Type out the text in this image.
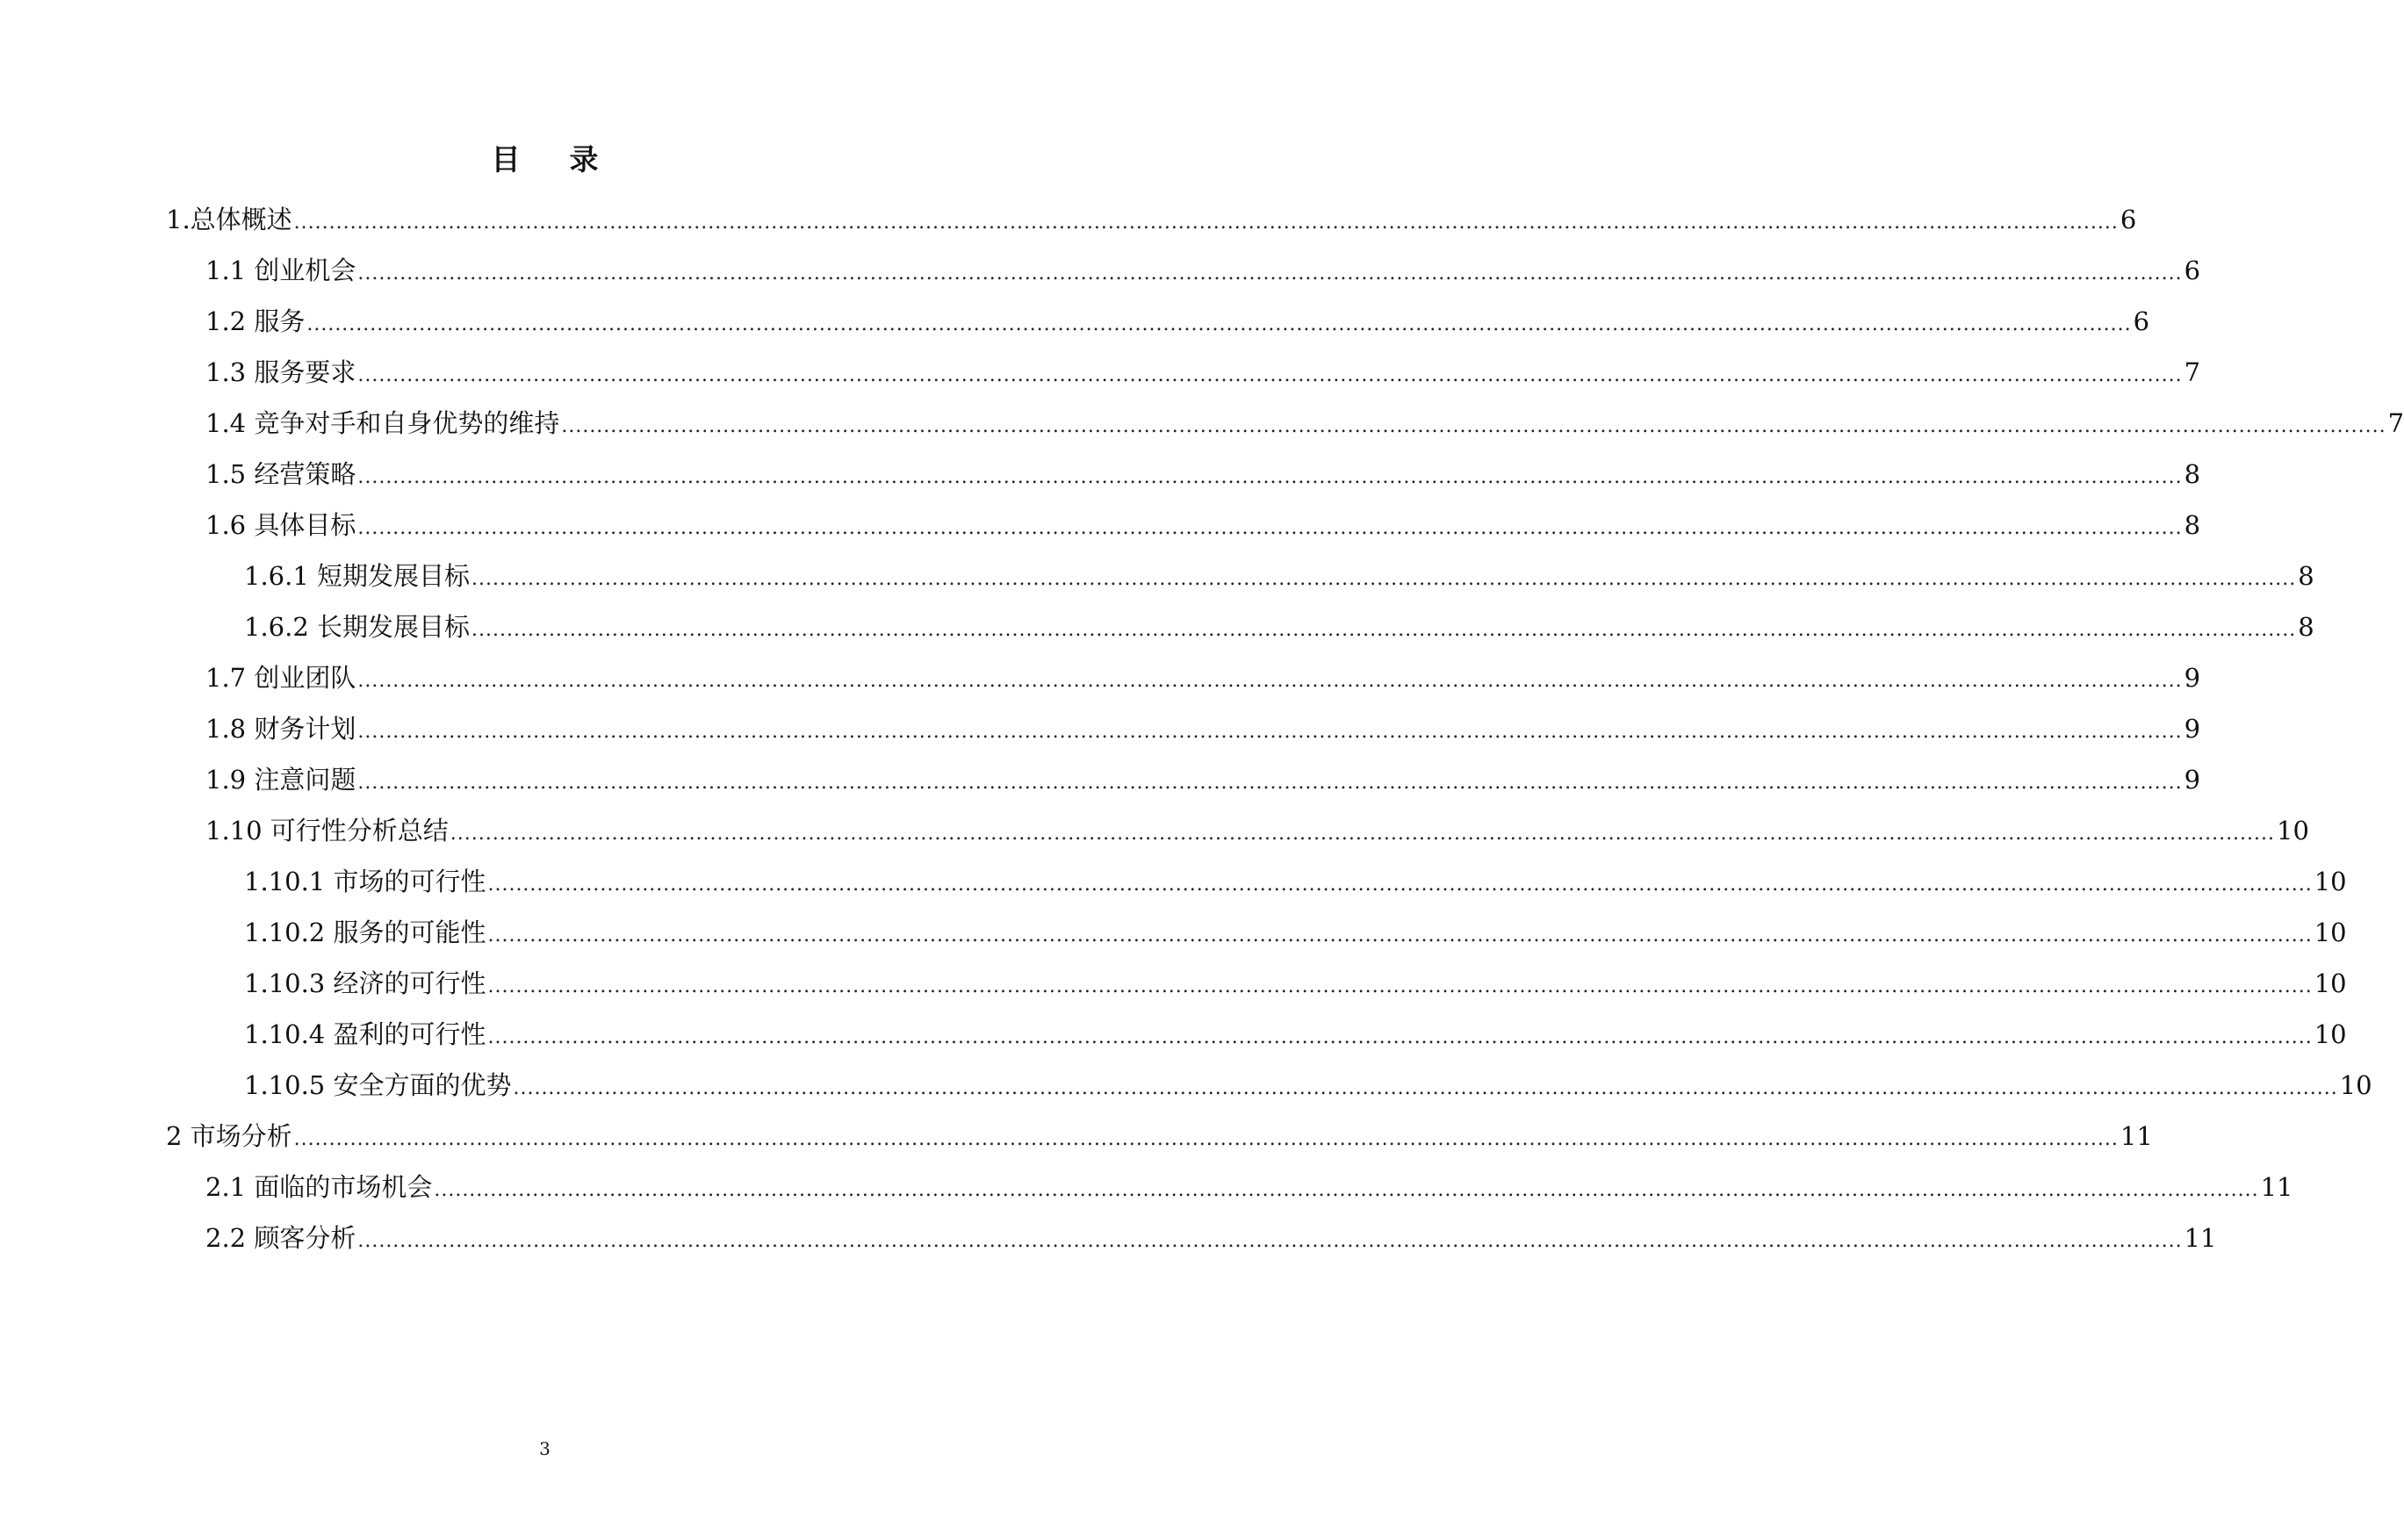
目录
1.总体概述 .................................................................................................................................................................................................................................................................... 6
1.1 创业机会 .................................................................................................................................................................................................................................................................... 6
1.2 服务 .................................................................................................................................................................................................................................................................... 6
1.3 服务要求 .................................................................................................................................................................................................................................................................... 7
1.4 竞争对手和自身优势的维持 .................................................................................................................................................................................................................................................................... 7
1.5 经营策略 .................................................................................................................................................................................................................................................................... 8
1.6 具体目标 .................................................................................................................................................................................................................................................................... 8
1.6.1 短期发展目标 .................................................................................................................................................................................................................................................................... 8
1.6.2 长期发展目标 .................................................................................................................................................................................................................................................................... 8
1.7 创业团队 .................................................................................................................................................................................................................................................................... 9
1.8 财务计划 .................................................................................................................................................................................................................................................................... 9
1.9 注意问题 .................................................................................................................................................................................................................................................................... 9
1.10 可行性分析总结 .................................................................................................................................................................................................................................................................... 10
1.10.1 市场的可行性 .................................................................................................................................................................................................................................................................... 10
1.10.2 服务的可能性 .................................................................................................................................................................................................................................................................... 10
1.10.3 经济的可行性 .................................................................................................................................................................................................................................................................... 10
1.10.4 盈利的可行性 .................................................................................................................................................................................................................................................................... 10
1.10.5 安全方面的优势 .................................................................................................................................................................................................................................................................... 10
2 市场分析 .................................................................................................................................................................................................................................................................... 11
2.1 面临的市场机会 .................................................................................................................................................................................................................................................................... 11
2.2 顾客分析 .................................................................................................................................................................................................................................................................... 11
3
